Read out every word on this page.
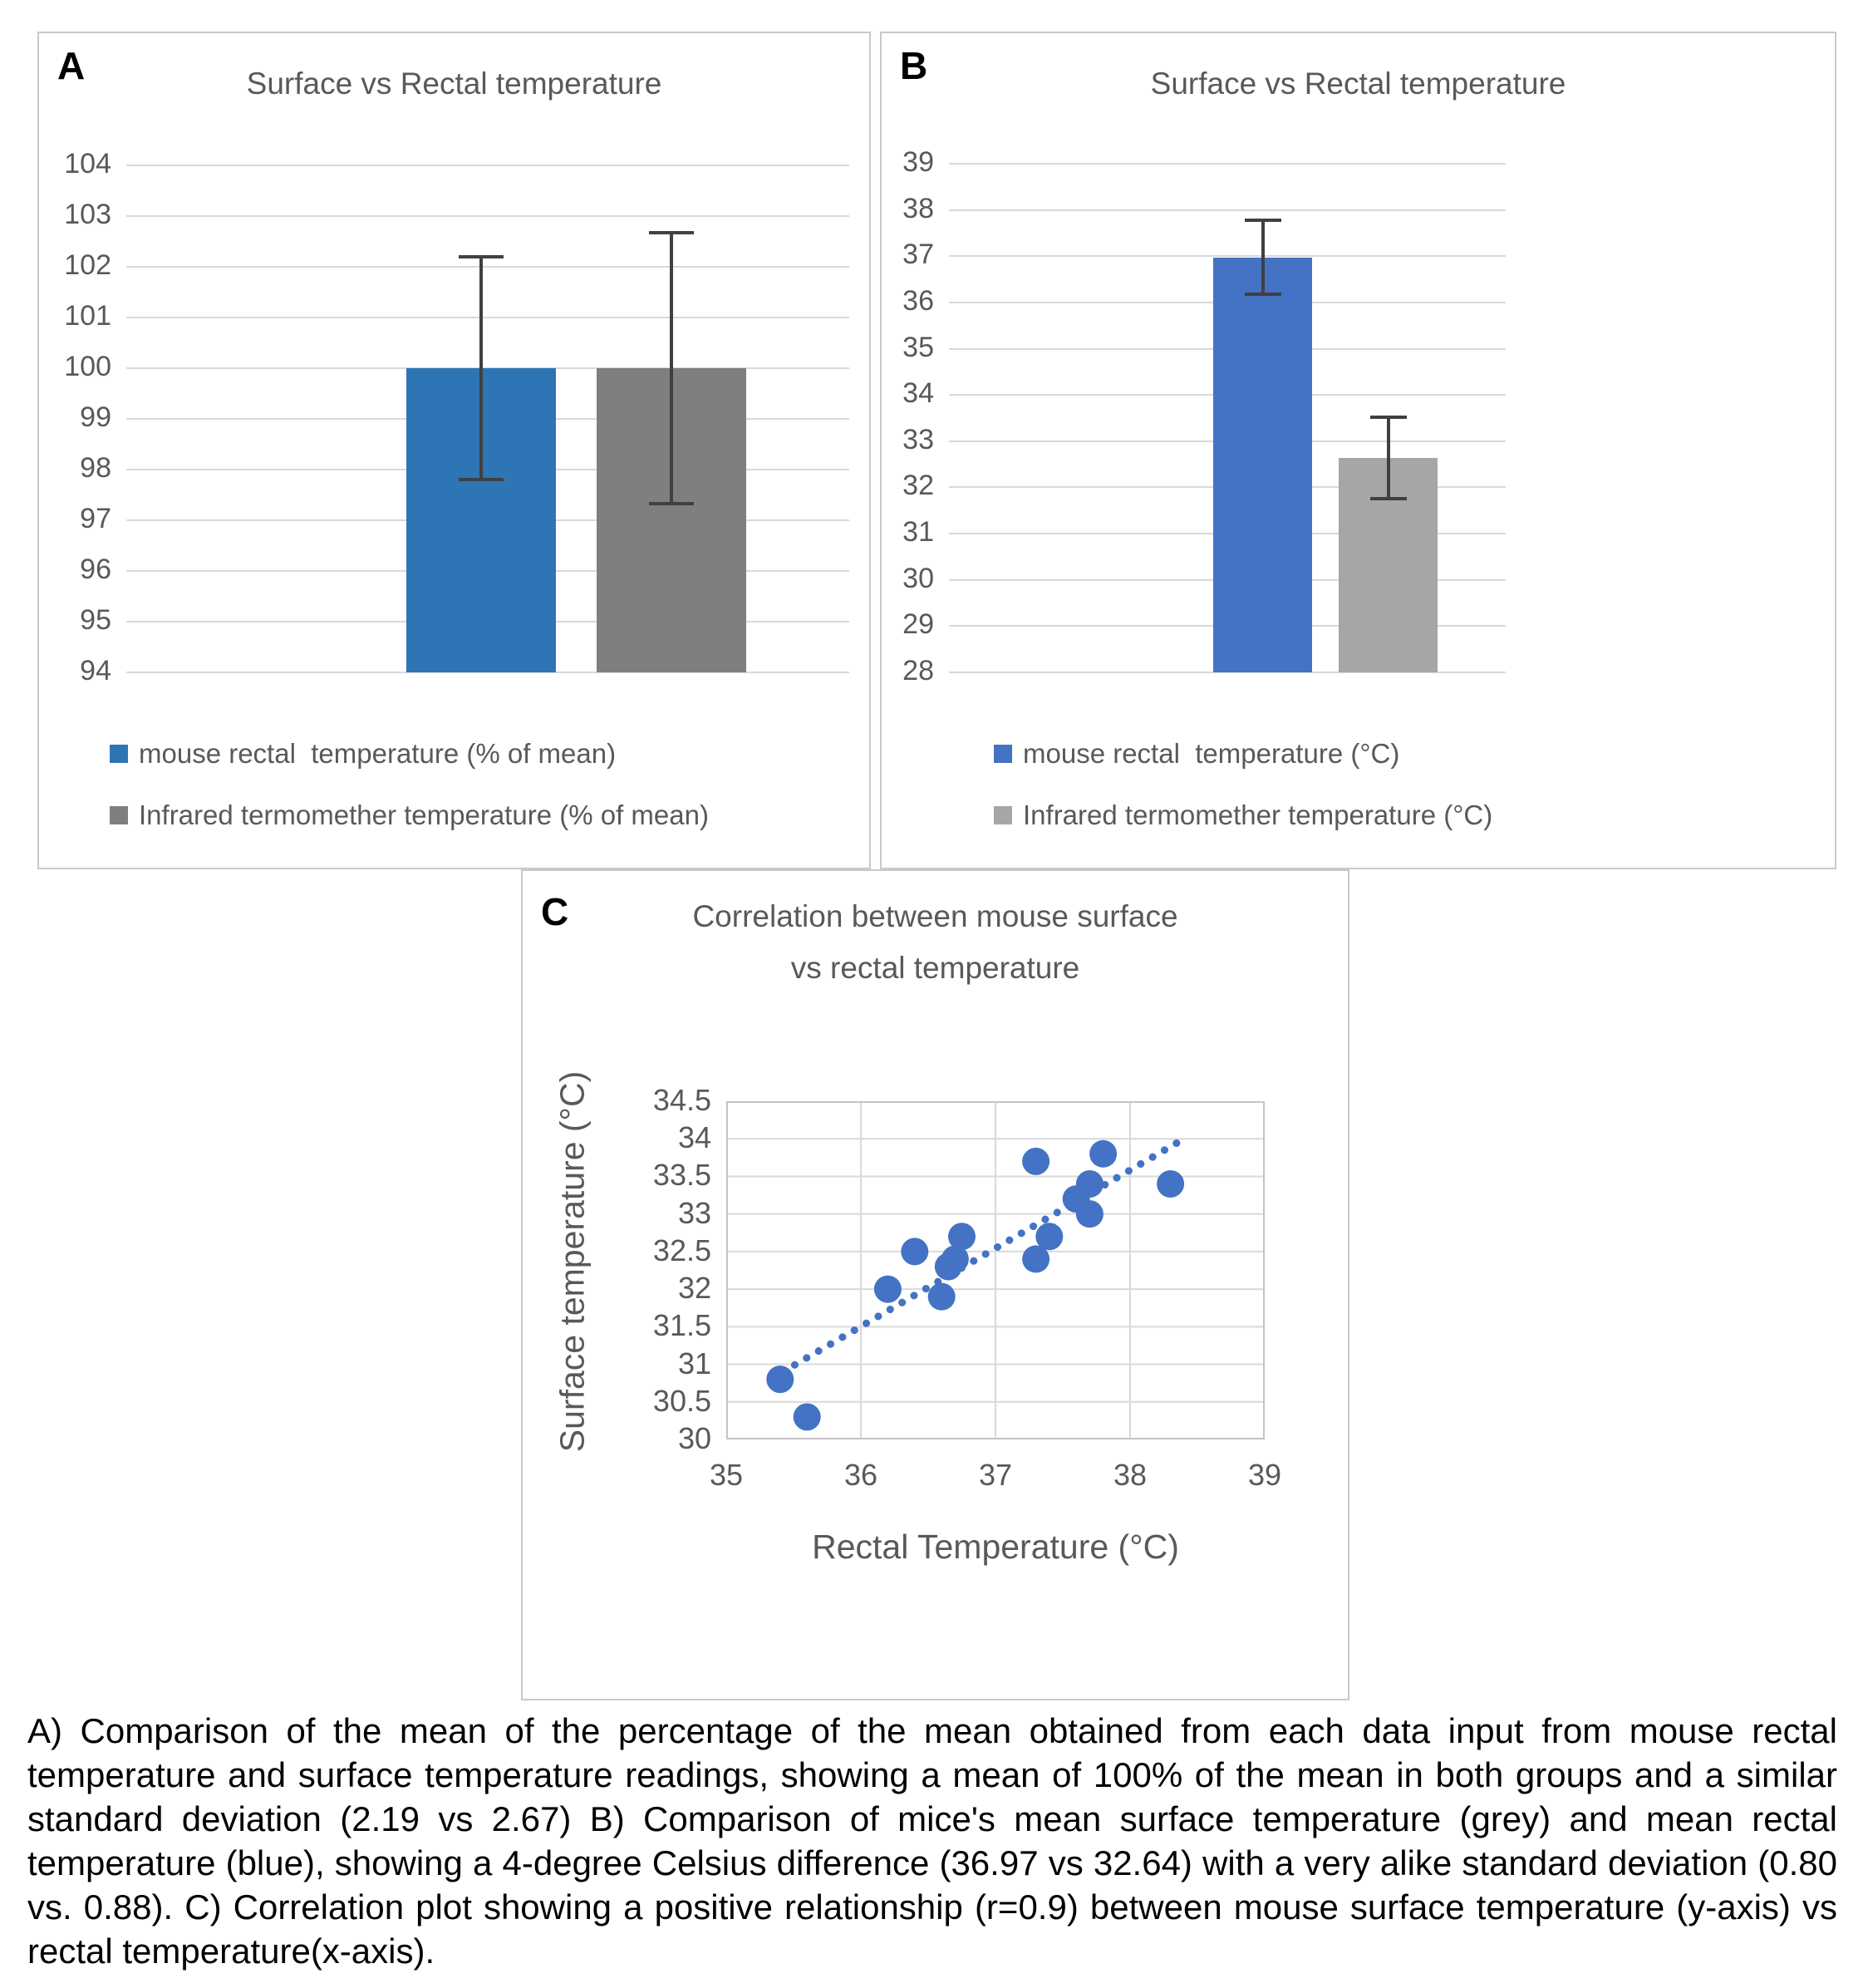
A	Surface vs Rectal temperature
mouse rectal  temperature (% of mean)
Infrared termomether temperature (% of mean)
94
95
96
97
98
99
100
101
102
103
104
B	Surface vs Rectal temperature
mouse rectal  temperature (°C)
Infrared termomether temperature (°C)
28
29
30
31
32
33
34
35
36
37
38
39
C	Correlation between mouse surface
vs rectal temperature
Surface temperature (°C)
Rectal Temperature (°C)
35	36	37	38	39
30
30.5
31
31.5
32
32.5
33
33.5
34
34.5

A) Comparison of the mean of the percentage of the mean obtained from each data input from mouse rectal temperature and surface temperature readings, showing a mean of 100% of the mean in both groups and a similar standard deviation (2.19 vs 2.67) B) Comparison of mice's mean surface temperature (grey) and mean rectal temperature (blue), showing a 4-degree Celsius difference (36.97 vs 32.64) with a very alike standard deviation (0.80 vs. 0.88). C) Correlation plot showing a positive relationship (r=0.9) between mouse surface temperature (y-axis) vs rectal temperature(x-axis).
